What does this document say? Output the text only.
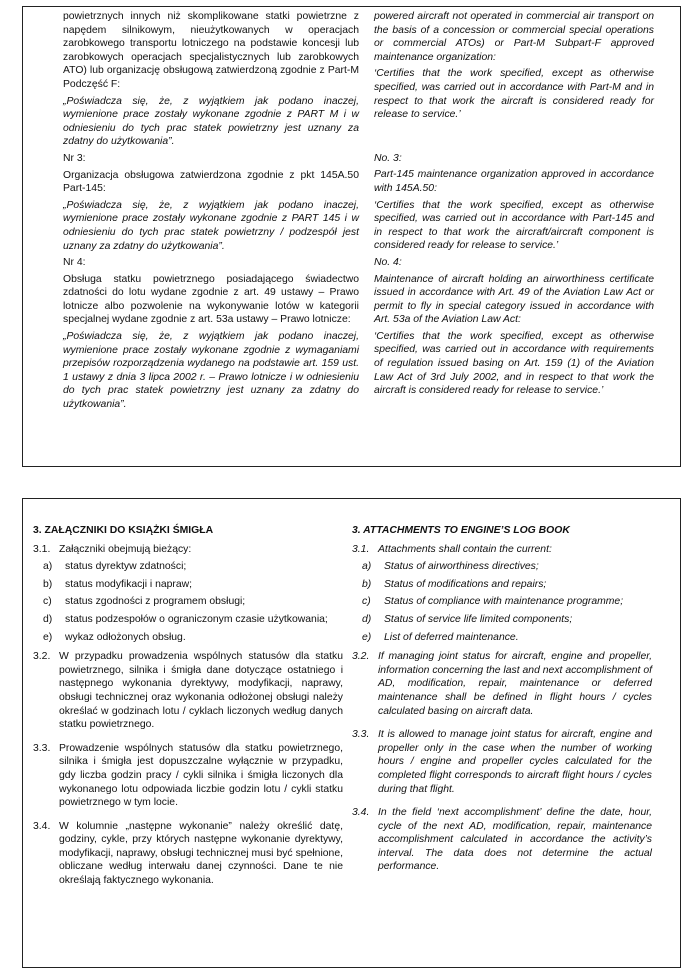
powietrznych innych niż skomplikowane statki powietrzne z napędem silnikowym, nieużytkowanych w operacjach zarobkowego transportu lotniczego na podstawie koncesji lub zarobkowych operacjach specjalistycznych lub zarobkowych ATO) lub organizację obsługową zatwierdzoną zgodnie z Part-M Podczęść F:

„Poświadcza się, że, z wyjątkiem jak podano inaczej, wymienione prace zostały wykonane zgodnie z PART M i w odniesieniu do tych prac statek powietrzny jest uznany za zdatny do użytkowania”.

Nr 3:

Organizacja obsługowa zatwierdzona zgodnie z pkt 145A.50 Part-145:

„Poświadcza się, że, z wyjątkiem jak podano inaczej, wymienione prace zostały wykonane zgodnie z PART 145 i w odniesieniu do tych prac statek powietrzny / podzespół jest uznany za zdatny do użytkowania”.

Nr 4:

Obsługa statku powietrznego posiadającego świadectwo zdatności do lotu wydane zgodnie z art. 49 ustawy – Prawo lotnicze albo pozwolenie na wykonywanie lotów w kategorii specjalnej wydane zgodnie z art. 53a ustawy – Prawo lotnicze:

„Poświadcza się, że, z wyjątkiem jak podano inaczej, wymienione prace zostały wykonane zgodnie z wymaganiami przepisów rozporządzenia wydanego na podstawie art. 159 ust. 1 ustawy z dnia 3 lipca 2002 r. – Prawo lotnicze i w odniesieniu do tych prac statek powietrzny jest uznany za zdatny do użytkowania”.

powered aircraft not operated in commercial air transport on the basis of a concession or commercial special operations or commercial ATOs) or Part-M Subpart-F approved maintenance organization:

‘Certifies that the work specified, except as otherwise specified, was carried out in accordance with Part-M and in respect to that work the aircraft is considered ready for release to service.’

No. 3:

Part-145 maintenance organization approved in accordance with 145A.50:

‘Certifies that the work specified, except as otherwise specified, was carried out in accordance with Part-145 and in respect to that work the aircraft/aircraft component is considered ready for release to service.’

No. 4:

Maintenance of aircraft holding an airworthiness certificate issued in accordance with Art. 49 of the Aviation Law Act or permit to fly in special category issued in accordance with Art. 53a of the Aviation Law Act:

‘Certifies that the work specified, except as otherwise specified, was carried out in accordance with requirements of regulation issued basing on Art. 159 (1) of the Aviation Law Act of 3rd July 2002, and in respect to that work the aircraft is considered ready for release to service.’

3. ZAŁĄCZNIKI DO KSIĄŻKI ŚMIGŁA

3.1. Załączniki obejmują bieżący:
a) status dyrektyw zdatności;
b) status modyfikacji i napraw;
c) status zgodności z programem obsługi;
d) status podzespołów o ograniczonym czasie użytkowania;
e) wykaz odłożonych obsług.
3.2. W przypadku prowadzenia wspólnych statusów dla statku powietrznego, silnika i śmigła dane dotyczące ostatniego i następnego wykonania dyrektywy, modyfikacji, naprawy, obsługi technicznej oraz wykonania odłożonej obsługi należy określać w godzinach lotu / cyklach liczonych według danych statku powietrznego.
3.3. Prowadzenie wspólnych statusów dla statku powietrznego, silnika i śmigła jest dopuszczalne wyłącznie w przypadku, gdy liczba godzin pracy / cykli silnika i śmigła liczonych dla wykonanego lotu odpowiada liczbie godzin lotu / cykli statku powietrznego w tym locie.
3.4. W kolumnie „następne wykonanie” należy określić datę, godziny, cykle, przy których następne wykonanie dyrektywy, modyfikacji, naprawy, obsługi technicznej musi być spełnione, obliczane według interwału danej czynności. Dane te nie określają faktycznego wykonania.

3. ATTACHMENTS TO ENGINE’S LOG BOOK

3.1. Attachments shall contain the current:
a) Status of airworthiness directives;
b) Status of modifications and repairs;
c) Status of compliance with maintenance programme;
d) Status of service life limited components;
e) List of deferred maintenance.
3.2. If managing joint status for aircraft, engine and propeller, information concerning the last and next accomplishment of AD, modification, repair, maintenance or deferred maintenance shall be defined in flight hours / cycles calculated basing on aircraft data.
3.3. It is allowed to manage joint status for aircraft, engine and propeller only in the case when the number of working hours / engine and propeller cycles calculated for the completed flight corresponds to aircraft flight hours / cycles during that flight.
3.4. In the field ‘next accomplishment’ define the date, hour, cycle of the next AD, modification, repair, maintenance accomplishment calculated in accordance the activity’s interval. The data does not determine the actual performance.
